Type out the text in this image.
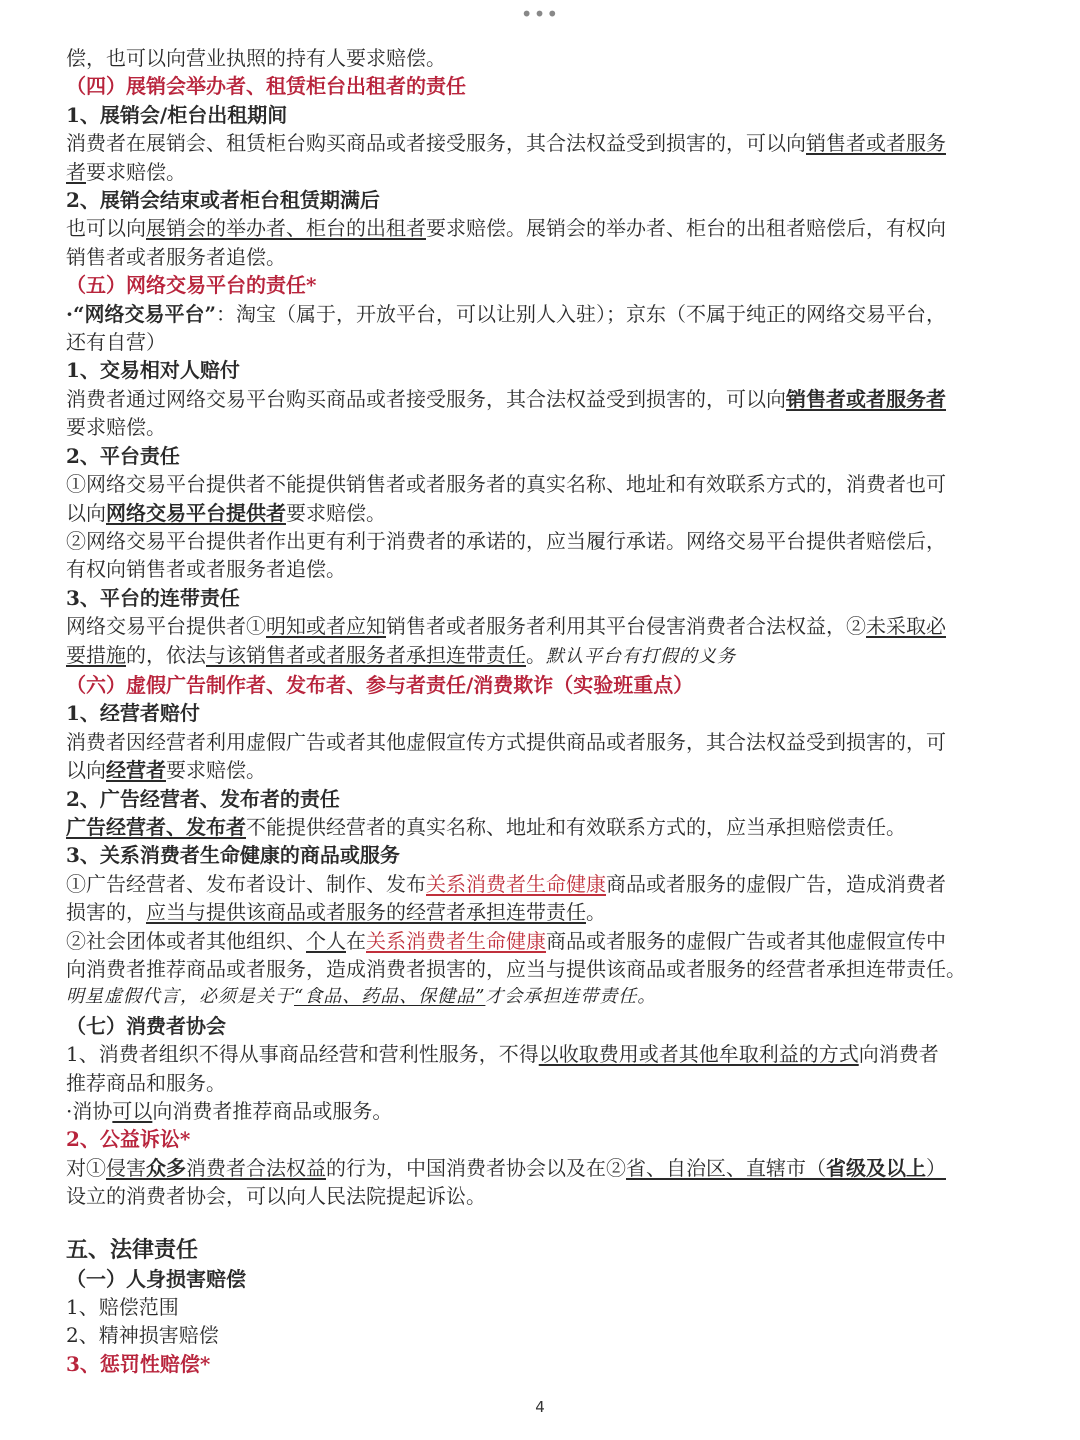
•••

偿，也可以向营业执照的持有人要求赔偿。

（四）展销会举办者、租赁柜台出租者的责任

1、展销会/柜台出租期间

消费者在展销会、租赁柜台购买商品或者接受服务，其合法权益受到损害的，可以向销售者或者服务

者要求赔偿。

2、展销会结束或者柜台租赁期满后

也可以向展销会的举办者、柜台的出租者要求赔偿。展销会的举办者、柜台的出租者赔偿后，有权向

销售者或者服务者追偿。

（五）网络交易平台的责任*

·“网络交易平台”：淘宝（属于，开放平台，可以让别人入驻）；京东（不属于纯正的网络交易平台，

还有自营）

1、交易相对人赔付

消费者通过网络交易平台购买商品或者接受服务，其合法权益受到损害的，可以向销售者或者服务者

要求赔偿。

2、平台责任

①网络交易平台提供者不能提供销售者或者服务者的真实名称、地址和有效联系方式的，消费者也可

以向网络交易平台提供者要求赔偿。

②网络交易平台提供者作出更有利于消费者的承诺的，应当履行承诺。网络交易平台提供者赔偿后，

有权向销售者或者服务者追偿。

3、平台的连带责任

网络交易平台提供者①明知或者应知销售者或者服务者利用其平台侵害消费者合法权益，②未采取必

要措施的，依法与该销售者或者服务者承担连带责任。默认平台有打假的义务

（六）虚假广告制作者、发布者、参与者责任/消费欺诈（实验班重点）

1、经营者赔付

消费者因经营者利用虚假广告或者其他虚假宣传方式提供商品或者服务，其合法权益受到损害的，可

以向经营者要求赔偿。

2、广告经营者、发布者的责任

广告经营者、发布者不能提供经营者的真实名称、地址和有效联系方式的，应当承担赔偿责任。

3、关系消费者生命健康的商品或服务

①广告经营者、发布者设计、制作、发布关系消费者生命健康商品或者服务的虚假广告，造成消费者

损害的，应当与提供该商品或者服务的经营者承担连带责任。

②社会团体或者其他组织、个人在关系消费者生命健康商品或者服务的虚假广告或者其他虚假宣传中

向消费者推荐商品或者服务，造成消费者损害的，应当与提供该商品或者服务的经营者承担连带责任。

明星虚假代言，必须是关于“食品、药品、保健品”才会承担连带责任。

（七）消费者协会

1、消费者组织不得从事商品经营和营利性服务，不得以收取费用或者其他牟取利益的方式向消费者

推荐商品和服务。

·消协可以向消费者推荐商品或服务。

2、公益诉讼*

对①侵害众多消费者合法权益的行为，中国消费者协会以及在②省、自治区、直辖市（省级及以上）

设立的消费者协会，可以向人民法院提起诉讼。

五、法律责任

（一）人身损害赔偿

1、赔偿范围

2、精神损害赔偿

3、惩罚性赔偿*

4
